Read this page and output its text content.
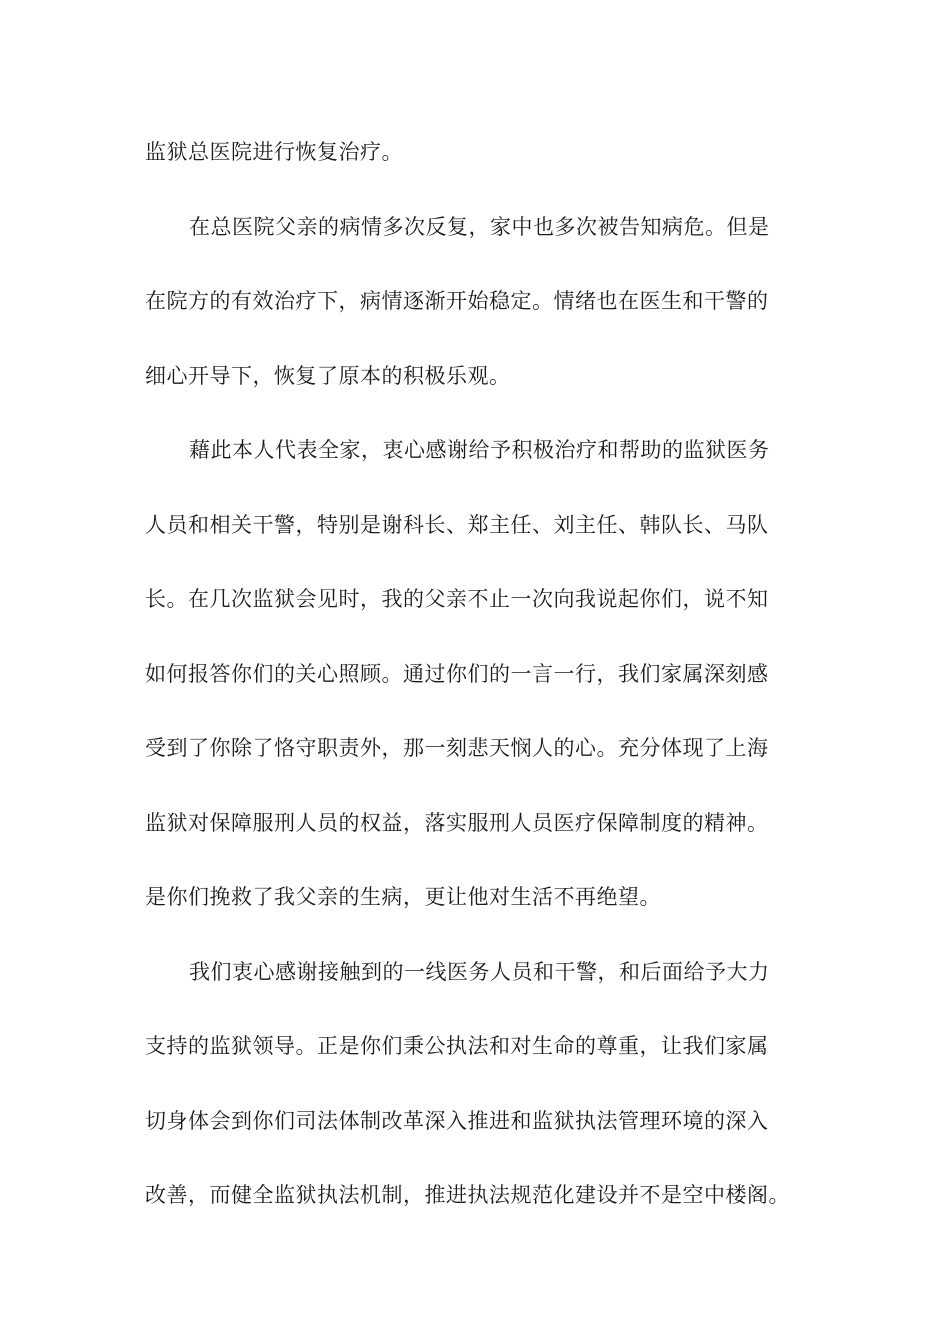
监狱总医院进行恢复治疗。
在总医院父亲的病情多次反复，家中也多次被告知病危。但是
在院方的有效治疗下，病情逐渐开始稳定。情绪也在医生和干警的
细心开导下，恢复了原本的积极乐观。
藉此本人代表全家，衷心感谢给予积极治疗和帮助的监狱医务
人员和相关干警，特别是谢科长、郑主任、刘主任、韩队长、马队
长。在几次监狱会见时，我的父亲不止一次向我说起你们，说不知
如何报答你们的关心照顾。通过你们的一言一行，我们家属深刻感
受到了你除了恪守职责外，那一刻悲天悯人的心。充分体现了上海
监狱对保障服刑人员的权益，落实服刑人员医疗保障制度的精神。
是你们挽救了我父亲的生病，更让他对生活不再绝望。
我们衷心感谢接触到的一线医务人员和干警，和后面给予大力
支持的监狱领导。正是你们秉公执法和对生命的尊重，让我们家属
切身体会到你们司法体制改革深入推进和监狱执法管理环境的深入
改善，而健全监狱执法机制，推进执法规范化建设并不是空中楼阁。
